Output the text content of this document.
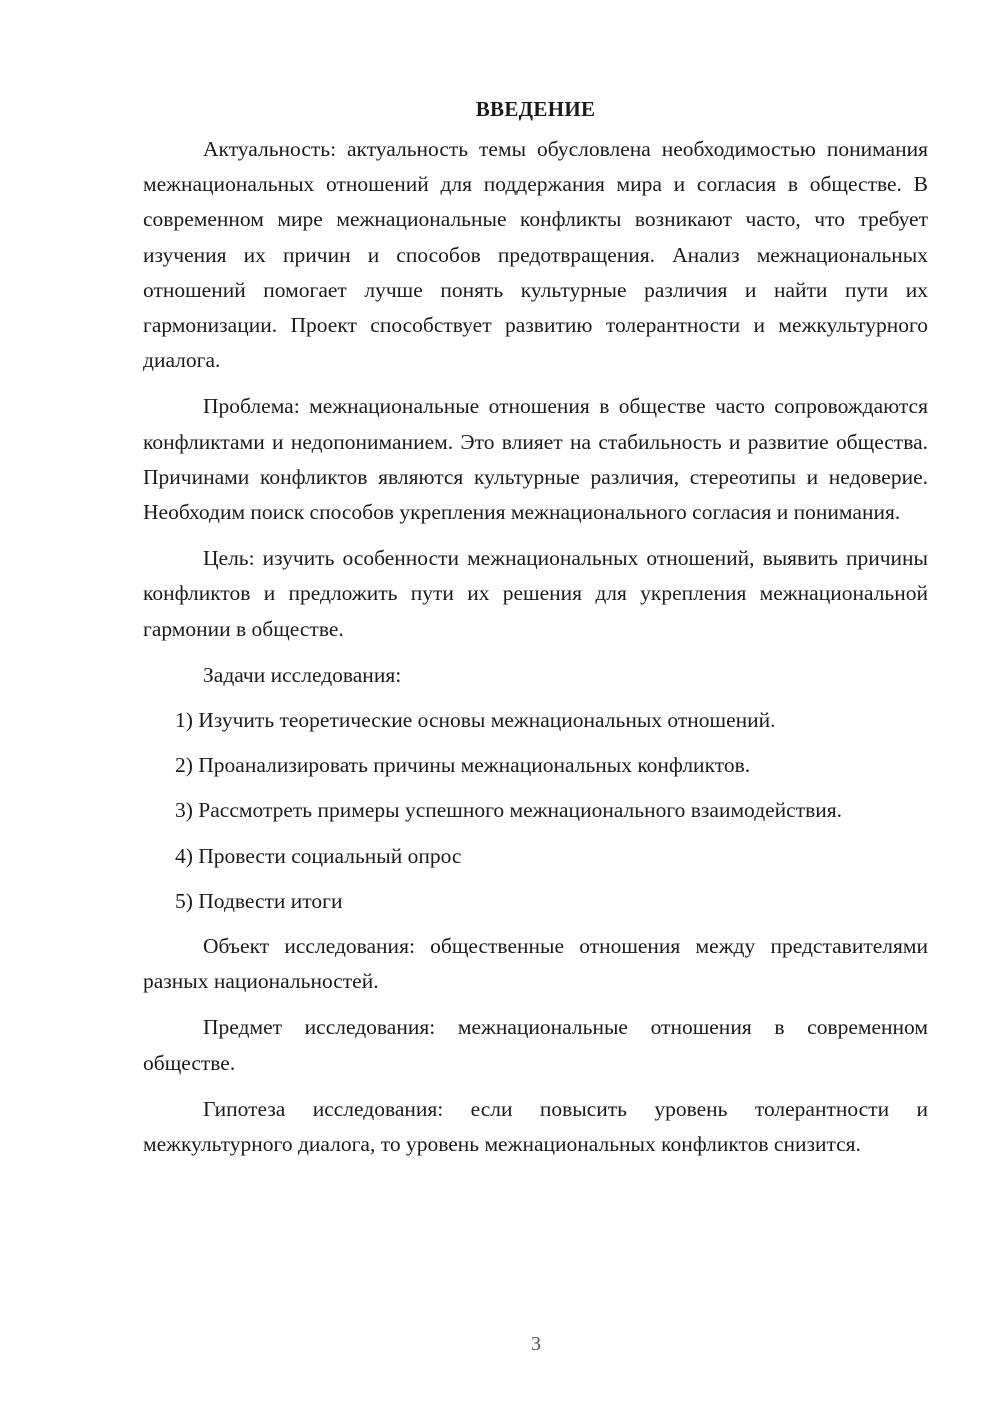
ВВЕДЕНИЕ

Актуальность: актуальность темы обусловлена необходимостью понимания межнациональных отношений для поддержания мира и согласия в обществе. В современном мире межнациональные конфликты возникают часто, что требует изучения их причин и способов предотвращения. Анализ межнациональных отношений помогает лучше понять культурные различия и найти пути их гармонизации. Проект способствует развитию толерантности и межкультурного диалога.

Проблема: межнациональные отношения в обществе часто сопровождаются конфликтами и недопониманием. Это влияет на стабильность и развитие общества. Причинами конфликтов являются культурные различия, стереотипы и недоверие. Необходим поиск способов укрепления межнационального согласия и понимания.

Цель: изучить особенности межнациональных отношений, выявить причины конфликтов и предложить пути их решения для укрепления межнациональной гармонии в обществе.

Задачи исследования:

1) Изучить теоретические основы межнациональных отношений.

2) Проанализировать причины межнациональных конфликтов.

3) Рассмотреть примеры успешного межнационального взаимодействия.

4) Провести социальный опрос

5) Подвести итоги

Объект исследования: общественные отношения между представителями разных национальностей.

Предмет исследования: межнациональные отношения в современном обществе.

Гипотеза исследования: если повысить уровень толерантности и межкультурного диалога, то уровень межнациональных конфликтов снизится.

3
